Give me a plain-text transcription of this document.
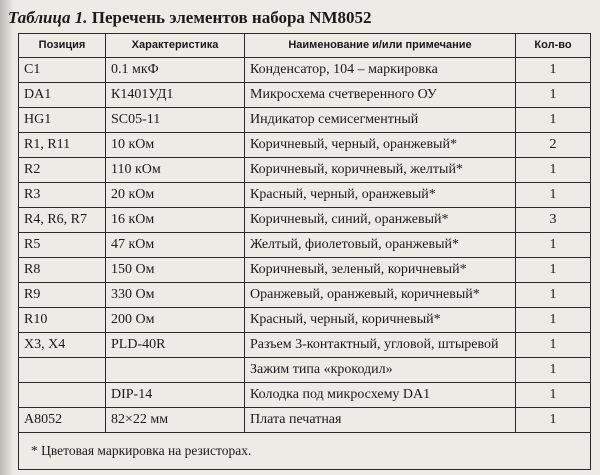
Таблица 1. Перечень элементов набора NM8052
Позиция	Характеристика	Наименование и/или примечание	Кол-во
C1	0.1 мкФ	Конденсатор, 104 – маркировка	1
DA1	К1401УД1	Микросхема счетверенного ОУ	1
HG1	SC05-11	Индикатор семисегментный	1
R1, R11	10 кОм	Коричневый, черный, оранжевый*	2
R2	110 кОм	Коричневый, коричневый, желтый*	1
R3	20 кОм	Красный, черный, оранжевый*	1
R4, R6, R7	16 кОм	Коричневый, синий, оранжевый*	3
R5	47 кОм	Желтый, фиолетовый, оранжевый*	1
R8	150 Ом	Коричневый, зеленый, коричневый*	1
R9	330 Ом	Оранжевый, оранжевый, коричневый*	1
R10	200 Ом	Красный, черный, коричневый*	1
X3, X4	PLD-40R	Разъем 3-контактный, угловой, штыревой	1
		Зажим типа «крокодил»	1
	DIP-14	Колодка под микросхему DA1	1
A8052	82×22 мм	Плата печатная	1
* Цветовая маркировка на резисторах.			
